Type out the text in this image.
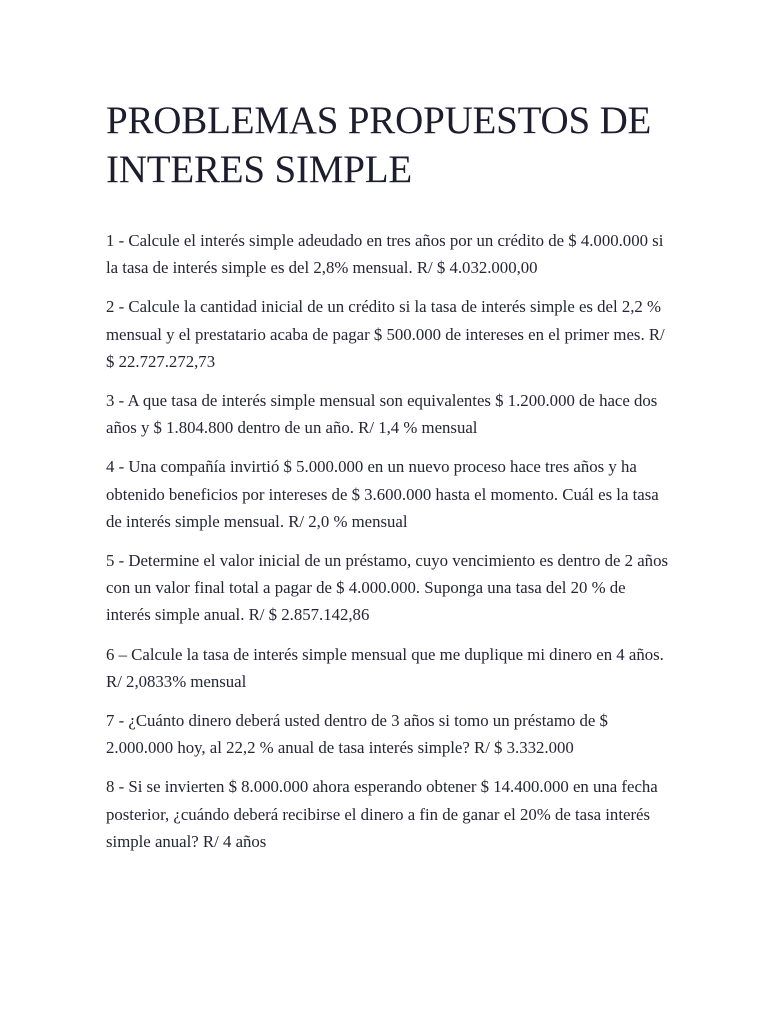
PROBLEMAS PROPUESTOS DE INTERES SIMPLE

1 - Calcule el interés simple adeudado en tres años por un crédito de $ 4.000.000 si la tasa de interés simple es del 2,8% mensual. R/ $ 4.032.000,00

2 - Calcule la cantidad inicial de un crédito si la tasa de interés simple es del 2,2 % mensual y el prestatario acaba de pagar $ 500.000 de intereses en el primer mes. R/ $ 22.727.272,73

3 - A que tasa de interés simple mensual son equivalentes $ 1.200.000 de hace dos años y $ 1.804.800 dentro de un año. R/ 1,4 % mensual

4 - Una compañía invirtió $ 5.000.000 en un nuevo proceso hace tres años y ha obtenido beneficios por intereses de $ 3.600.000 hasta el momento. Cuál es la tasa de interés simple mensual. R/ 2,0 % mensual

5 - Determine el valor inicial de un préstamo, cuyo vencimiento es dentro de 2 años con un valor final total a pagar de $ 4.000.000. Suponga una tasa del 20 % de interés simple anual. R/ $ 2.857.142,86

6 – Calcule la tasa de interés simple mensual que me duplique mi dinero en 4 años. R/ 2,0833% mensual

7 - ¿Cuánto dinero deberá usted dentro de 3 años si tomo un préstamo de $ 2.000.000 hoy, al 22,2 % anual de tasa interés simple? R/ $ 3.332.000

8 - Si se invierten $ 8.000.000 ahora esperando obtener $ 14.400.000 en una fecha posterior, ¿cuándo deberá recibirse el dinero a fin de ganar el 20% de tasa interés simple anual? R/ 4 años
